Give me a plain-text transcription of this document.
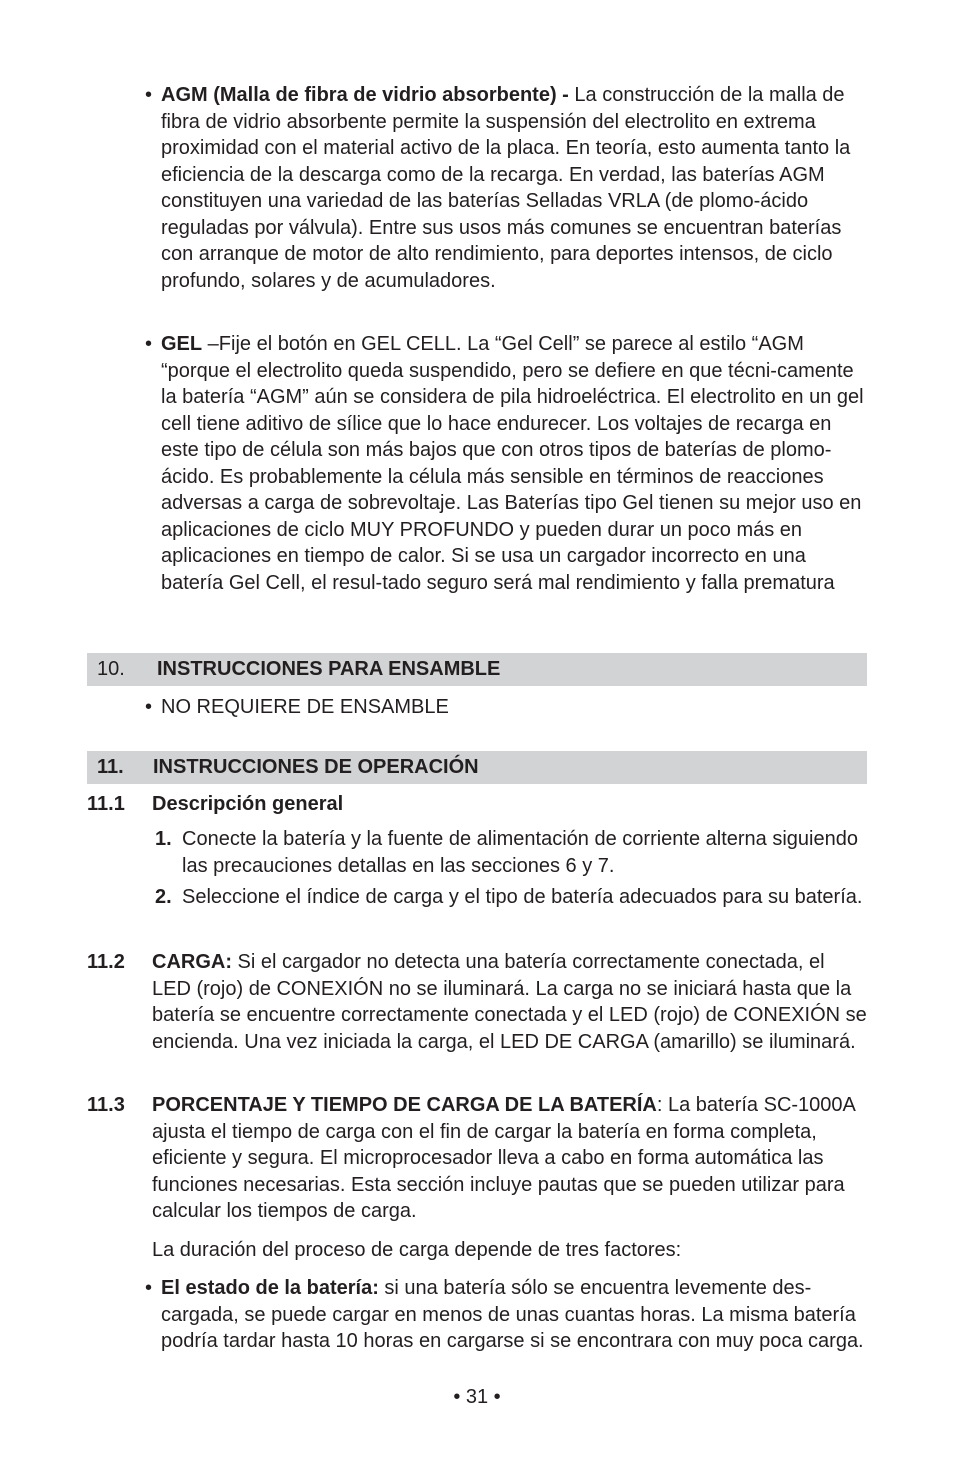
• AGM (Malla de fibra de vidrio absorbente) - La construcción de la malla de fibra de vidrio absorbente permite la suspensión del electrolito en extrema proximidad con el material activo de la placa. En teoría, esto aumenta tanto la eficiencia de la descarga como de la recarga. En verdad, las baterías AGM constituyen una variedad de las baterías Selladas VRLA (de plomo-ácido reguladas por válvula). Entre sus usos más comunes se encuentran baterías con arranque de motor de alto rendimiento, para deportes intensos, de ciclo profundo, solares y de acumuladores.
• GEL –Fije el botón en GEL CELL. La “Gel Cell” se parece al estilo “AGM “porque el electrolito queda suspendido, pero se defiere en que técni-camente la batería “AGM” aún se considera de pila hidroeléctrica. El electrolito en un gel cell tiene aditivo de sílice que lo hace endurecer. Los voltajes de recarga en este tipo de célula son más bajos que con otros tipos de baterías de plomo-ácido. Es probablemente la célula más sensible en términos de reacciones adversas a carga de sobrevoltaje. Las Baterías tipo Gel tienen su mejor uso en aplicaciones de ciclo MUY PROFUNDO y pueden durar un poco más en aplicaciones en tiempo de calor. Si se usa un cargador incorrecto en una batería Gel Cell, el resul-tado seguro será mal rendimiento y falla prematura
10. INSTRUCCIONES PARA ENSAMBLE
• NO REQUIERE DE ENSAMBLE
11. INSTRUCCIONES DE OPERACIÓN
11.1 Descripción general
1. Conecte la batería y la fuente de alimentación de corriente alterna siguiendo las precauciones detallas en las secciones 6 y 7.
2. Seleccione el índice de carga y el tipo de batería adecuados para su batería.
11.2 CARGA: Si el cargador no detecta una batería correctamente conectada, el LED (rojo) de CONEXIÓN no se iluminará. La carga no se iniciará hasta que la batería se encuentre correctamente conectada y el LED (rojo) de CONEXIÓN se encienda. Una vez iniciada la carga, el LED DE CARGA (amarillo) se iluminará.
11.3 PORCENTAJE Y TIEMPO DE CARGA DE LA BATERÍA: La batería SC-1000A ajusta el tiempo de carga con el fin de cargar la batería en forma completa, eficiente y segura. El microprocesador lleva a cabo en forma automática las funciones necesarias. Esta sección incluye pautas que se pueden utilizar para calcular los tiempos de carga.
La duración del proceso de carga depende de tres factores:
• El estado de la batería: si una batería sólo se encuentra levemente des-cargada, se puede cargar en menos de unas cuantas horas. La misma batería podría tardar hasta 10 horas en cargarse si se encontrara con muy poca carga.
• 31 •
